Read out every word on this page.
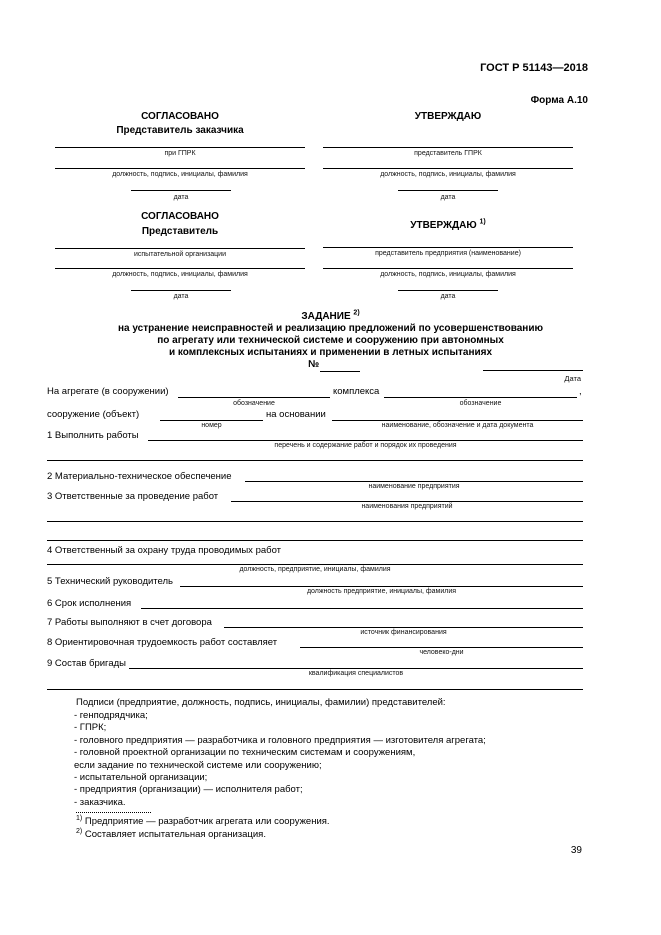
ГОСТ Р 51143—2018
Форма А.10
СОГЛАСОВАНО
Представитель заказчика
при ГПРК
должность, подпись, инициалы, фамилия
дата
УТВЕРЖДАЮ
представитель ГПРК
должность, подпись, инициалы, фамилия
дата
СОГЛАСОВАНО
Представитель
испытательной организации
должность, подпись, инициалы, фамилия
дата
УТВЕРЖДАЮ $^{1)}$
представитель предприятия (наименование)
должность, подпись, инициалы, фамилия
дата
ЗАДАНИЕ $^{2)}$
на устранение неисправностей и реализацию предложений по усовершенствованию
по агрегату или технической системе и сооружению при автономных
и комплексных испытаниях и применении в летных испытаниях
№
Дата
На агрегате (в сооружении)
обозначение
комплекса
обозначение
,
сооружение (объект)
номер
на основании
наименование, обозначение и дата документа
1 Выполнить работы
перечень и содержание работ и порядок их проведения
2 Материально-техническое обеспечение
наименование предприятия
3 Ответственные за проведение работ
наименования предприятий
4 Ответственный за охрану труда проводимых работ
должность, предприятие, инициалы, фамилия
5 Технический руководитель
должность предприятие, инициалы, фамилия
6 Срок исполнения
7 Работы выполняют в счет договора
источник финансирования
8 Ориентировочная трудоемкость работ составляет
человеко-дни
9 Состав бригады
квалификация специалистов
Подписи (предприятие, должность, подпись, инициалы, фамилии) представителей:
- генподрядчика;
- ГПРК;
- головного предприятия — разработчика и головного предприятия — изготовителя агрегата;
- головной проектной организации по техническим системам и сооружениям,
если задание по технической системе или сооружению;
- испытательной организации;
- предприятия (организации) — исполнителя работ;
- заказчика.
$^{1)}$ Предприятие — разработчик агрегата или сооружения.
$^{2)}$ Составляет испытательная организация.
39
